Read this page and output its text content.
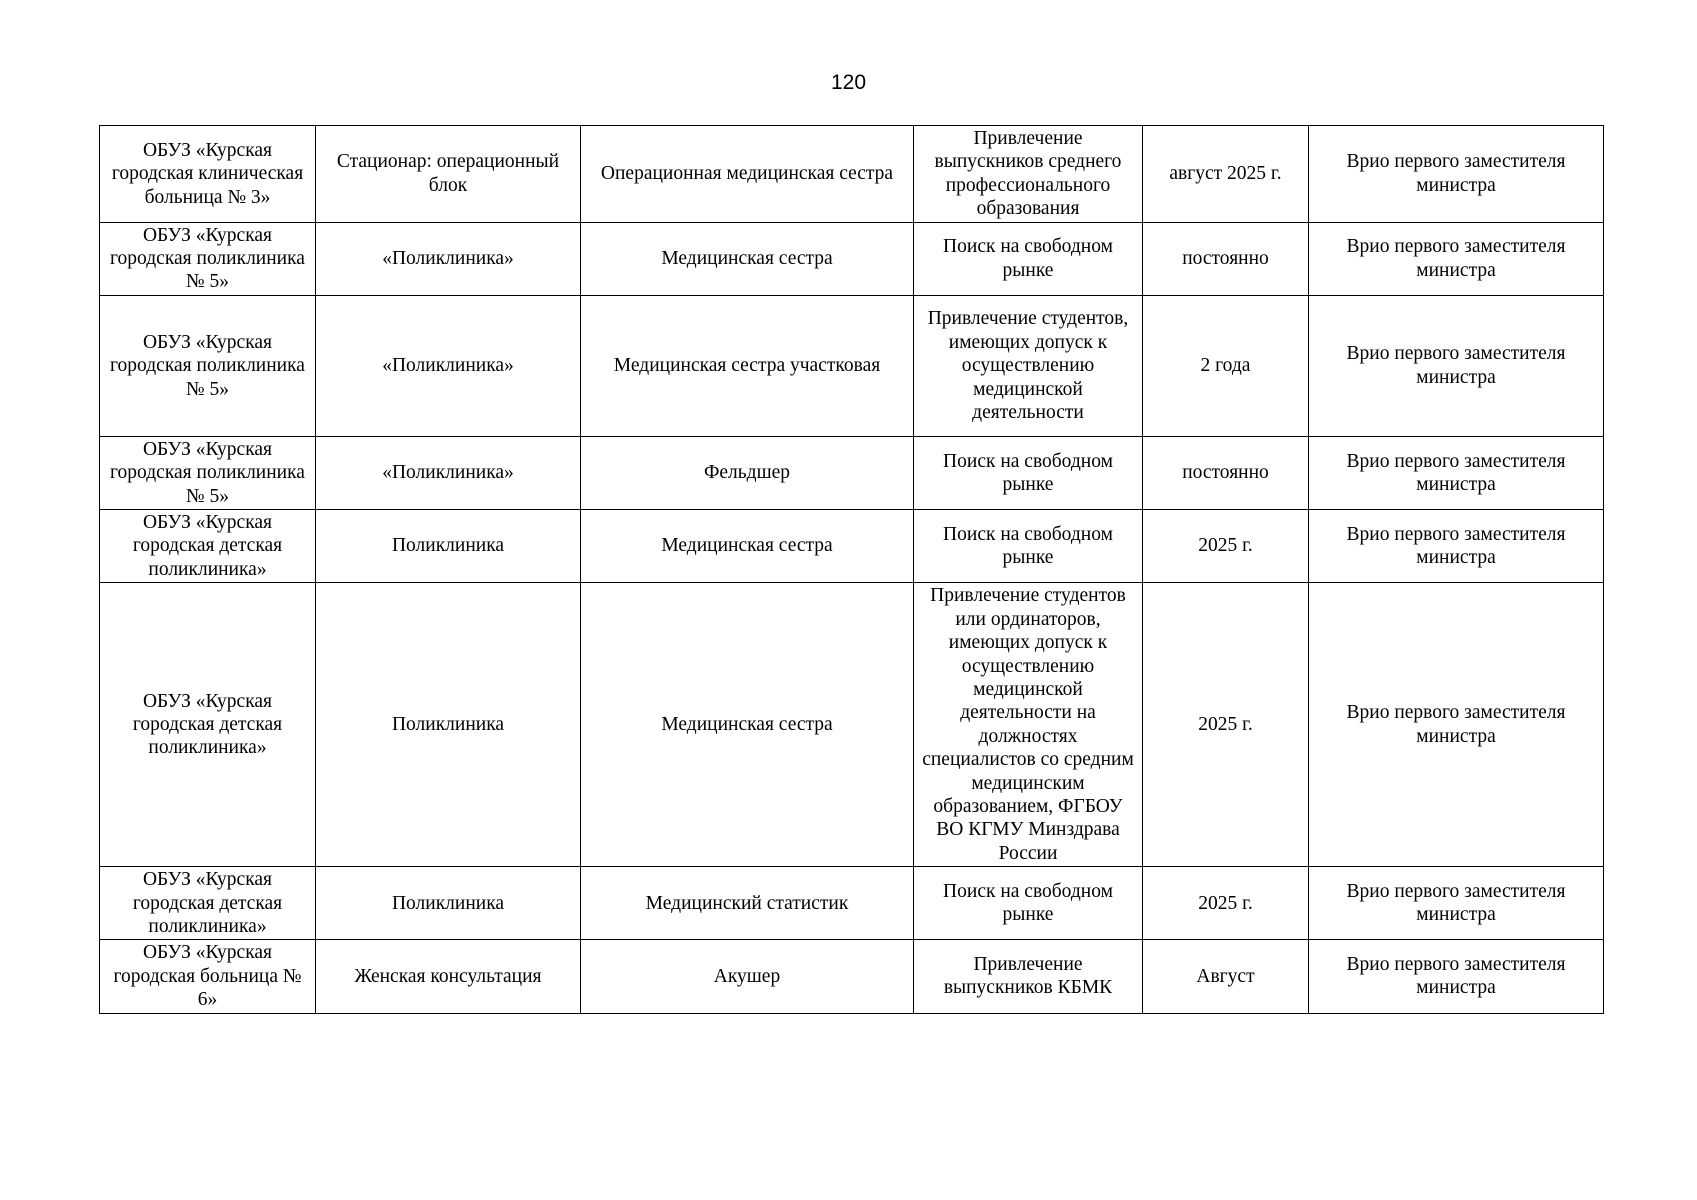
120
ОБУЗ «Курская городская клиническая больница № 3»	Стационар: операционный блок	Операционная медицинская сестра	Привлечение выпускников среднего профессионального образования	август 2025 г.	Врио первого заместителя министра
ОБУЗ «Курская городская поликлиника № 5»	«Поликлиника»	Медицинская сестра	Поиск на свободном рынке	постоянно	Врио первого заместителя министра
ОБУЗ «Курская городская поликлиника № 5»	«Поликлиника»	Медицинская сестра участковая	Привлечение студентов, имеющих допуск к осуществлению медицинской деятельности	2 года	Врио первого заместителя министра
ОБУЗ «Курская городская поликлиника № 5»	«Поликлиника»	Фельдшер	Поиск на свободном рынке	постоянно	Врио первого заместителя министра
ОБУЗ «Курская городская детская поликлиника»	Поликлиника	Медицинская сестра	Поиск на свободном рынке	2025 г.	Врио первого заместителя министра
ОБУЗ «Курская городская детская поликлиника»	Поликлиника	Медицинская сестра	Привлечение студентов или ординаторов, имеющих допуск к осуществлению медицинской деятельности на должностях специалистов со средним медицинским образованием, ФГБОУ ВО КГМУ Минздрава России	2025 г.	Врио первого заместителя министра
ОБУЗ «Курская городская детская поликлиника»	Поликлиника	Медицинский статистик	Поиск на свободном рынке	2025 г.	Врио первого заместителя министра
ОБУЗ «Курская городская больница № 6»	Женская консультация	Акушер	Привлечение выпускников КБМК	Август	Врио первого заместителя министра
